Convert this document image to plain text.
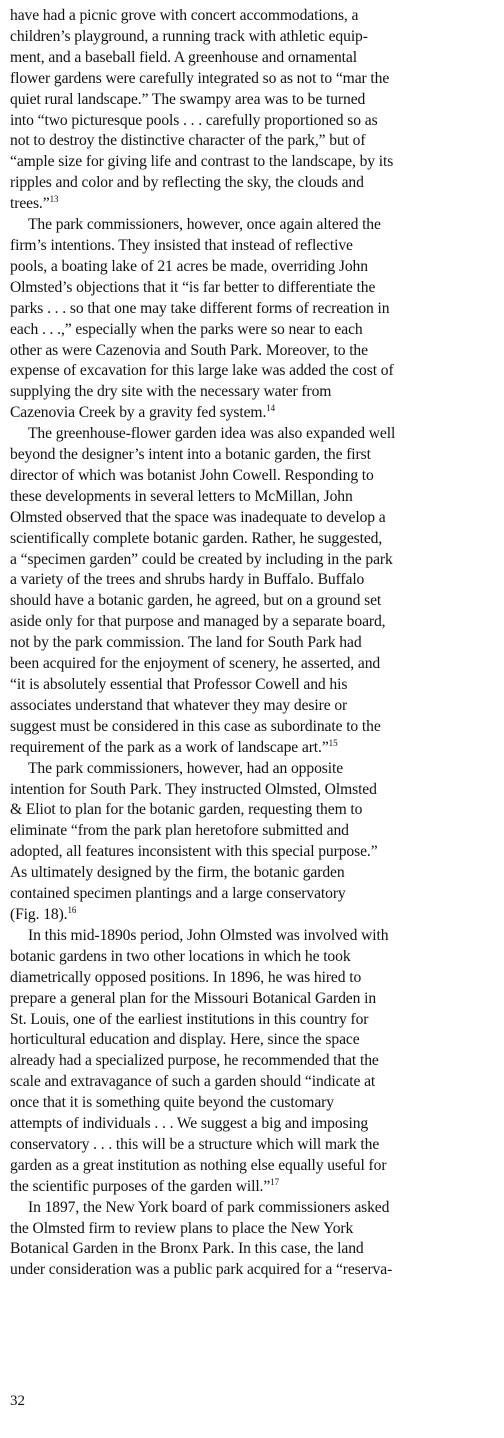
have had a picnic grove with concert accommodations, a
children’s playground, a running track with athletic equip-
ment, and a baseball field. A greenhouse and ornamental
flower gardens were carefully integrated so as not to “mar the
quiet rural landscape.” The swampy area was to be turned
into “two picturesque pools . . . carefully proportioned so as
not to destroy the distinctive character of the park,” but of
“ample size for giving life and contrast to the landscape, by its
ripples and color and by reflecting the sky, the clouds and
trees.”$^{13}$
The park commissioners, however, once again altered the
firm’s intentions. They insisted that instead of reflective
pools, a boating lake of 21 acres be made, overriding John
Olmsted’s objections that it “is far better to differentiate the
parks . . . so that one may take different forms of recreation in
each . . .,” especially when the parks were so near to each
other as were Cazenovia and South Park. Moreover, to the
expense of excavation for this large lake was added the cost of
supplying the dry site with the necessary water from
Cazenovia Creek by a gravity fed system.$^{14}$
The greenhouse-flower garden idea was also expanded well
beyond the designer’s intent into a botanic garden, the first
director of which was botanist John Cowell. Responding to
these developments in several letters to McMillan, John
Olmsted observed that the space was inadequate to develop a
scientifically complete botanic garden. Rather, he suggested,
a “specimen garden” could be created by including in the park
a variety of the trees and shrubs hardy in Buffalo. Buffalo
should have a botanic garden, he agreed, but on a ground set
aside only for that purpose and managed by a separate board,
not by the park commission. The land for South Park had
been acquired for the enjoyment of scenery, he asserted, and
“it is absolutely essential that Professor Cowell and his
associates understand that whatever they may desire or
suggest must be considered in this case as subordinate to the
requirement of the park as a work of landscape art.”$^{15}$
The park commissioners, however, had an opposite
intention for South Park. They instructed Olmsted, Olmsted
& Eliot to plan for the botanic garden, requesting them to
eliminate “from the park plan heretofore submitted and
adopted, all features inconsistent with this special purpose.”
As ultimately designed by the firm, the botanic garden
contained specimen plantings and a large conservatory
(Fig. 18).$^{16}$
In this mid-1890s period, John Olmsted was involved with
botanic gardens in two other locations in which he took
diametrically opposed positions. In 1896, he was hired to
prepare a general plan for the Missouri Botanical Garden in
St. Louis, one of the earliest institutions in this country for
horticultural education and display. Here, since the space
already had a specialized purpose, he recommended that the
scale and extravagance of such a garden should “indicate at
once that it is something quite beyond the customary
attempts of individuals . . . We suggest a big and imposing
conservatory . . . this will be a structure which will mark the
garden as a great institution as nothing else equally useful for
the scientific purposes of the garden will.”$^{17}$
In 1897, the New York board of park commissioners asked
the Olmsted firm to review plans to place the New York
Botanical Garden in the Bronx Park. In this case, the land
under consideration was a public park acquired for a “reserva-
32
